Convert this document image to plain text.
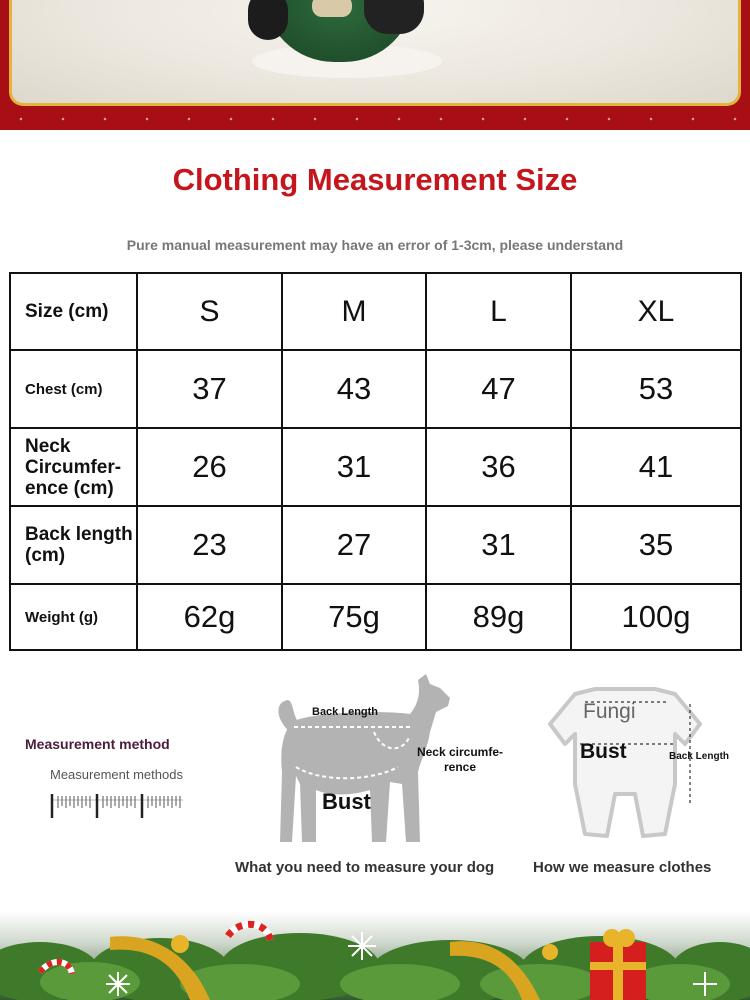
Clothing Measurement Size
Pure manual measurement may have an error of 1-3cm, please understand
Size (cm)	S	M	L	XL
Chest (cm)	37	43	47	53

Neck
Circumfer-
ence (cm)	26	31	36	41

Back length
(cm)	23	27	31	35
Weight (g)	62g	75g	89g	100g
Measurement method
Measurement methods
Back Length
Neck circumfe-
rence
Bust
What you need to measure your dog
Fungi
Bust	Back Length
How we measure clothes
